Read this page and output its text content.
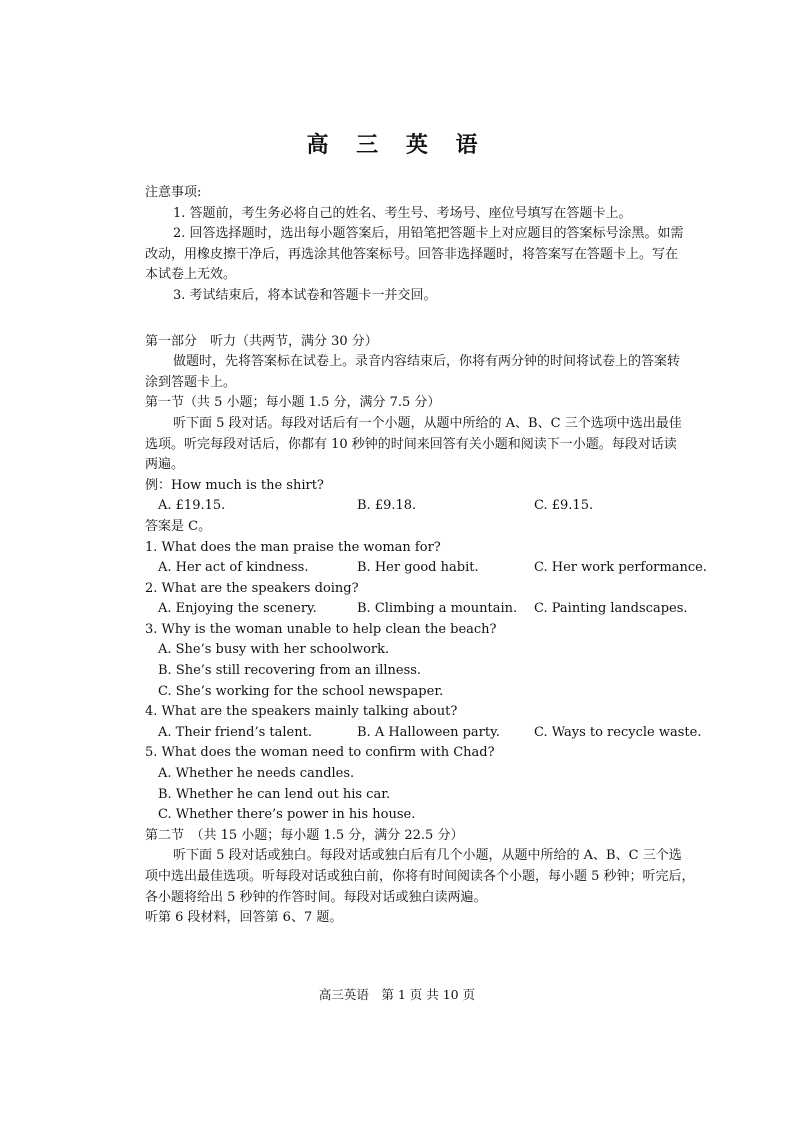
高 三 英 语
注意事项:
1. 答题前，考生务必将自己的姓名、考生号、考场号、座位号填写在答题卡上。
2. 回答选择题时，选出每小题答案后，用铅笔把答题卡上对应题目的答案标号涂黑。如需
改动，用橡皮擦干净后，再选涂其他答案标号。回答非选择题时，将答案写在答题卡上。写在
本试卷上无效。
3. 考试结束后，将本试卷和答题卡一并交回。
第一部分　听力（共两节，满分 30 分）
做题时，先将答案标在试卷上。录音内容结束后，你将有两分钟的时间将试卷上的答案转
涂到答题卡上。
第一节（共 5 小题；每小题 1.5 分，满分 7.5 分）
听下面 5 段对话。每段对话后有一个小题，从题中所给的 A、B、C 三个选项中选出最佳
选项。听完每段对话后，你都有 10 秒钟的时间来回答有关小题和阅读下一小题。每段对话读
两遍。
例：How much is the shirt?
A. £19.15.	B. £9.18.	C. £9.15.
答案是 C。
1. What does the man praise the woman for?
A. Her act of kindness.	B. Her good habit.	C. Her work performance.
2. What are the speakers doing?
A. Enjoying the scenery.	B. Climbing a mountain. C. Painting landscapes.
3. Why is the woman unable to help clean the beach?
A. She’s busy with her schoolwork.
B. She’s still recovering from an illness.
C. She’s working for the school newspaper.
4. What are the speakers mainly talking about?
A. Their friend’s talent.	B. A Halloween party.	C. Ways to recycle waste.
5. What does the woman need to confirm with Chad?
A. Whether he needs candles.
B. Whether he can lend out his car.
C. Whether there’s power in his house.
第二节　（共 15 小题；每小题 1.5 分，满分 22.5 分）
听下面 5 段对话或独白。每段对话或独白后有几个小题，从题中所给的 A、B、C 三个选
项中选出最佳选项。听每段对话或独白前，你将有时间阅读各个小题，每小题 5 秒钟；听完后，
各小题将给出 5 秒钟的作答时间。每段对话或独白读两遍。
听第 6 段材料，回答第 6、7 题。
高三英语　第 1 页 共 10 页
